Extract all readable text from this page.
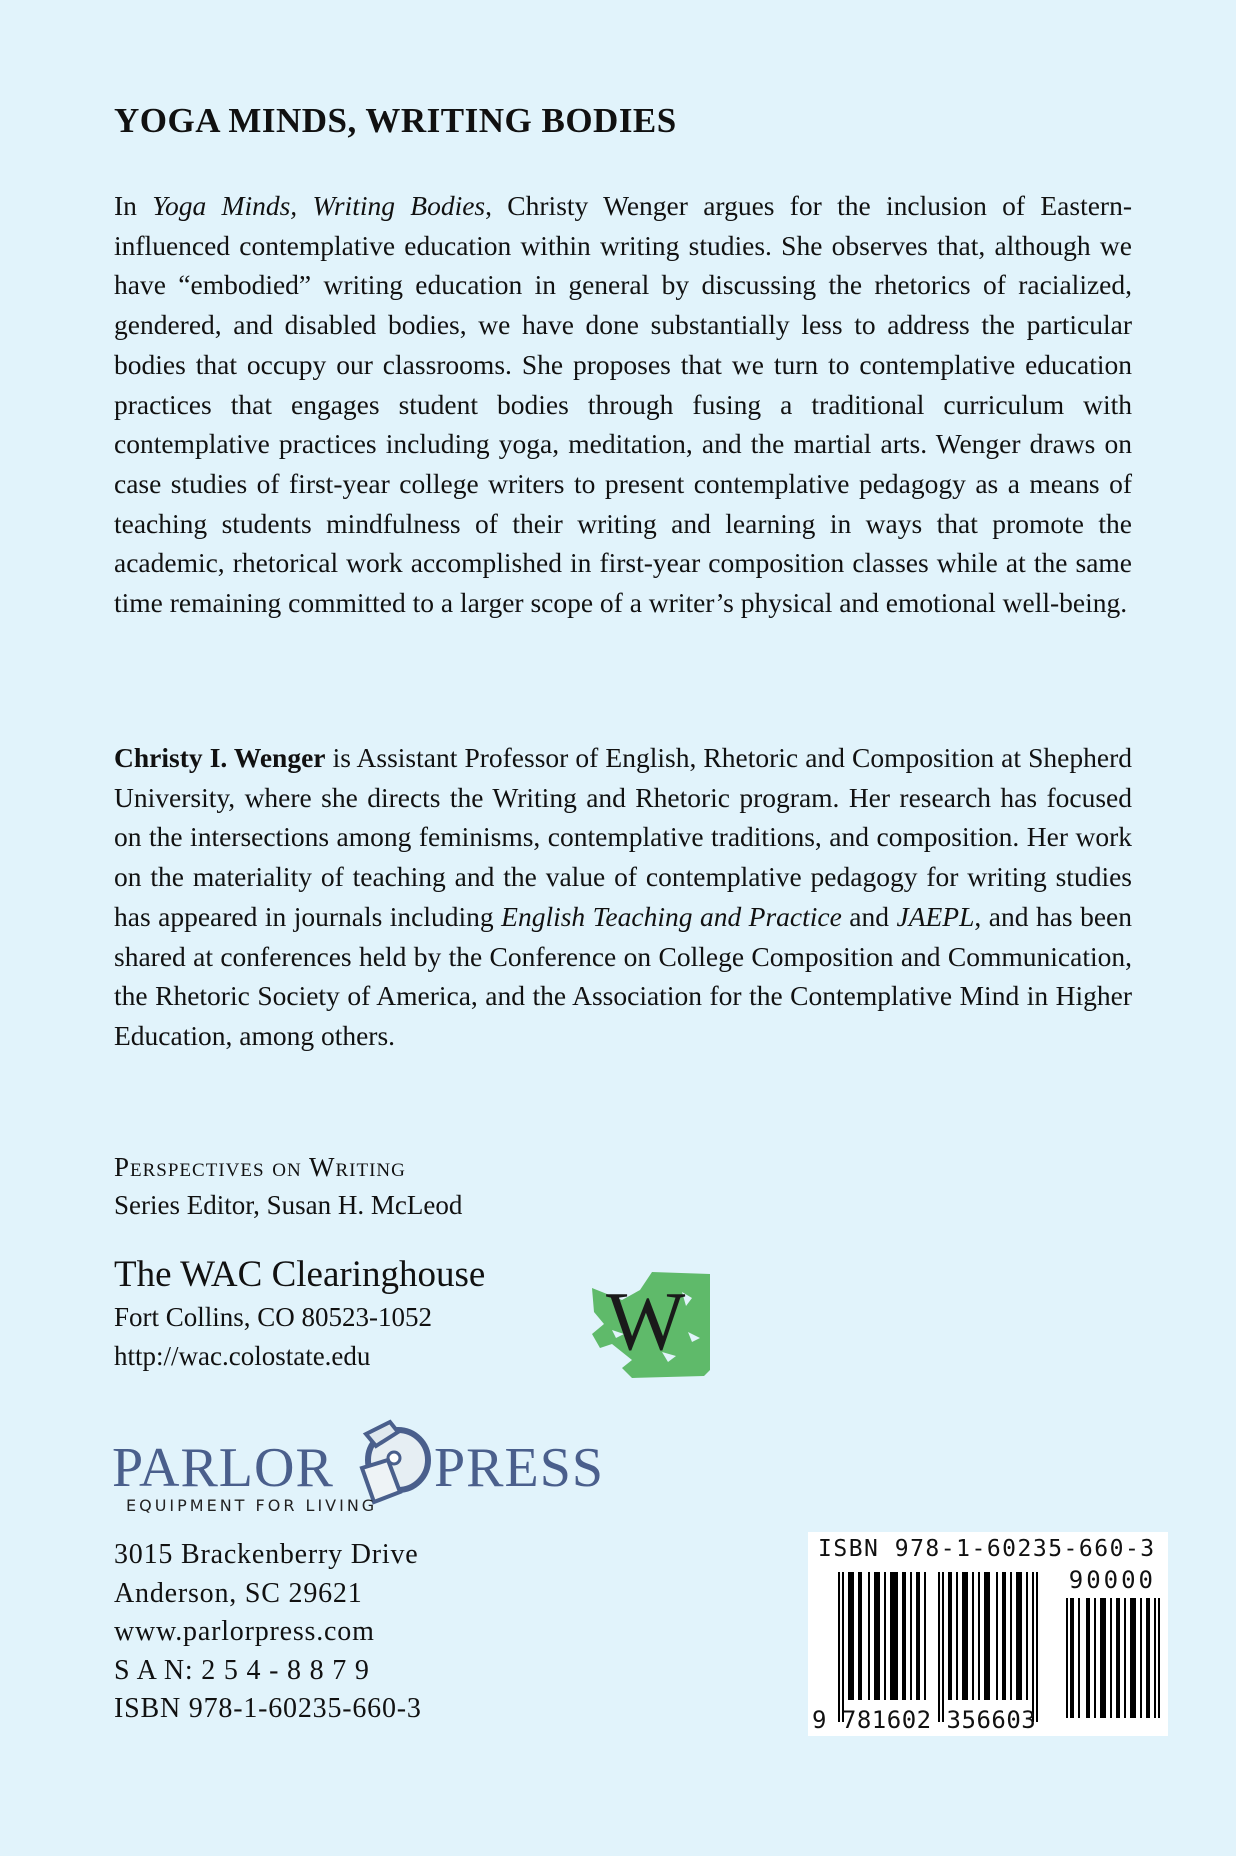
YOGA MINDS, WRITING BODIES
In Yoga Minds, Writing Bodies, Christy Wenger argues for the inclusion of Eastern-influenced contemplative education within writing studies. She observes that, although we have “embodied” writing education in general by discussing the rhetorics of racialized, gendered, and disabled bodies, we have done substantially less to address the particular bodies that occupy our classrooms. She proposes that we turn to contemplative education practices that engages student bodies through fusing a traditional curriculum with contemplative practices including yoga, meditation, and the martial arts. Wenger draws on case studies of first-year college writers to present contemplative pedagogy as a means of teaching students mindfulness of their writing and learning in ways that promote the academic, rhetorical work accomplished in first-year composition classes while at the same time remaining committed to a larger scope of a writer’s physical and emotional well-being.
Christy I. Wenger is Assistant Professor of English, Rhetoric and Composition at Shepherd University, where she directs the Writing and Rhetoric program. Her research has focused on the intersections among feminisms, contemplative traditions, and composition. Her work on the materiality of teaching and the value of contemplative pedagogy for writing studies has appeared in journals including English Teaching and Practice and JAEPL, and has been shared at conferences held by the Conference on College Composition and Communication, the Rhetoric Society of America, and the Association for the Contemplative Mind in Higher Education, among others.
Perspectives on Writing
Series Editor, Susan H. McLeod
The WAC Clearinghouse
Fort Collins, CO 80523-1052
http://wac.colostate.edu	W
PARLOR PRESS
EQUIPMENT FOR LIVING
3015 Brackenberry Drive
Anderson, SC 29621
www.parlorpress.com
S A N: 2 5 4 - 8 8 7 9
ISBN 978-1-60235-660-3
ISBN 978-1-60235-660-3
90000
9 781602 356603
